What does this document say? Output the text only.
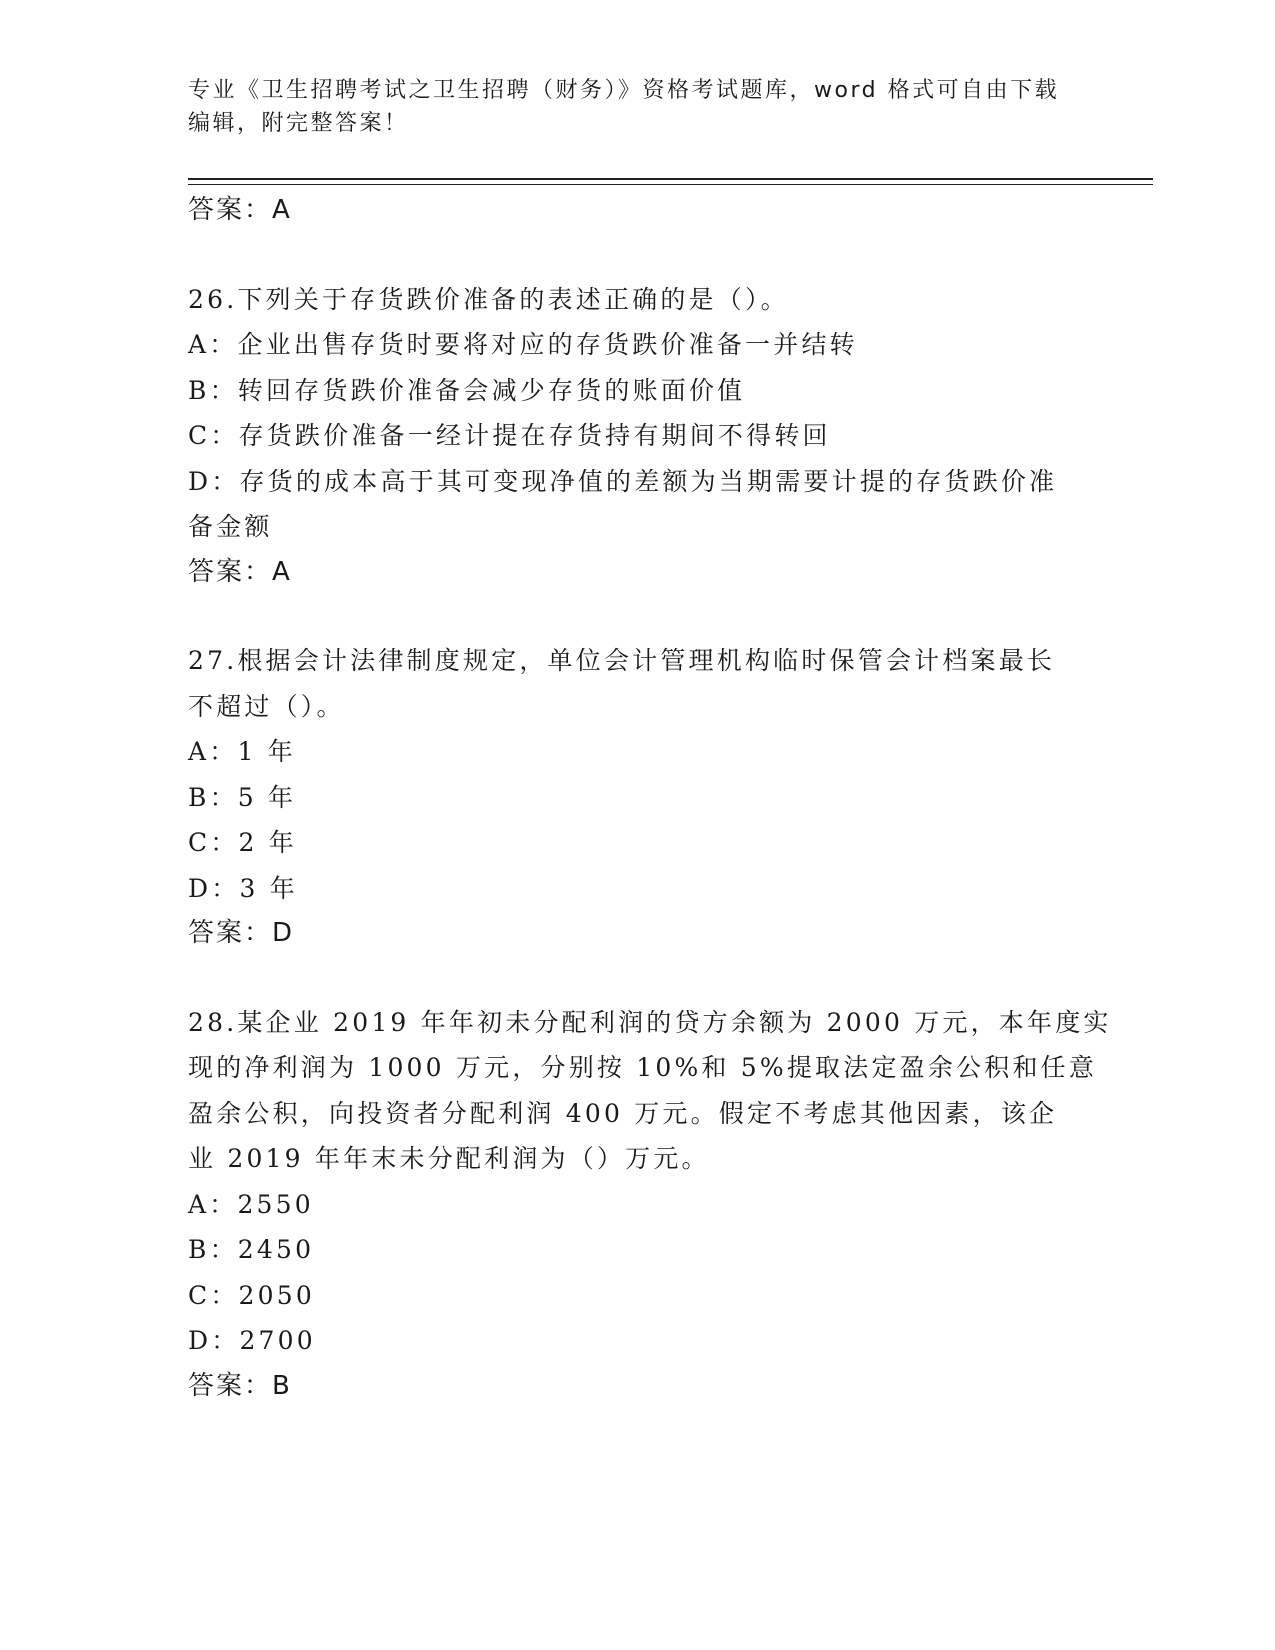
专业《卫生招聘考试之卫生招聘（财务）》资格考试题库，word 格式可自由下载
编辑，附完整答案！
答案：A
26.下列关于存货跌价准备的表述正确的是（）。
A：企业出售存货时要将对应的存货跌价准备一并结转
B：转回存货跌价准备会减少存货的账面价值
C：存货跌价准备一经计提在存货持有期间不得转回
D：存货的成本高于其可变现净值的差额为当期需要计提的存货跌价准
备金额
答案：A
27.根据会计法律制度规定，单位会计管理机构临时保管会计档案最长
不超过（）。
A：1 年
B：5 年
C：2 年
D：3 年
答案：D
28.某企业 2019 年年初未分配利润的贷方余额为 2000 万元，本年度实
现的净利润为 1000 万元，分别按 10%和 5%提取法定盈余公积和任意
盈余公积，向投资者分配利润 400 万元。假定不考虑其他因素，该企
业 2019 年年末未分配利润为（）万元。
A：2550
B：2450
C：2050
D：2700
答案：B
